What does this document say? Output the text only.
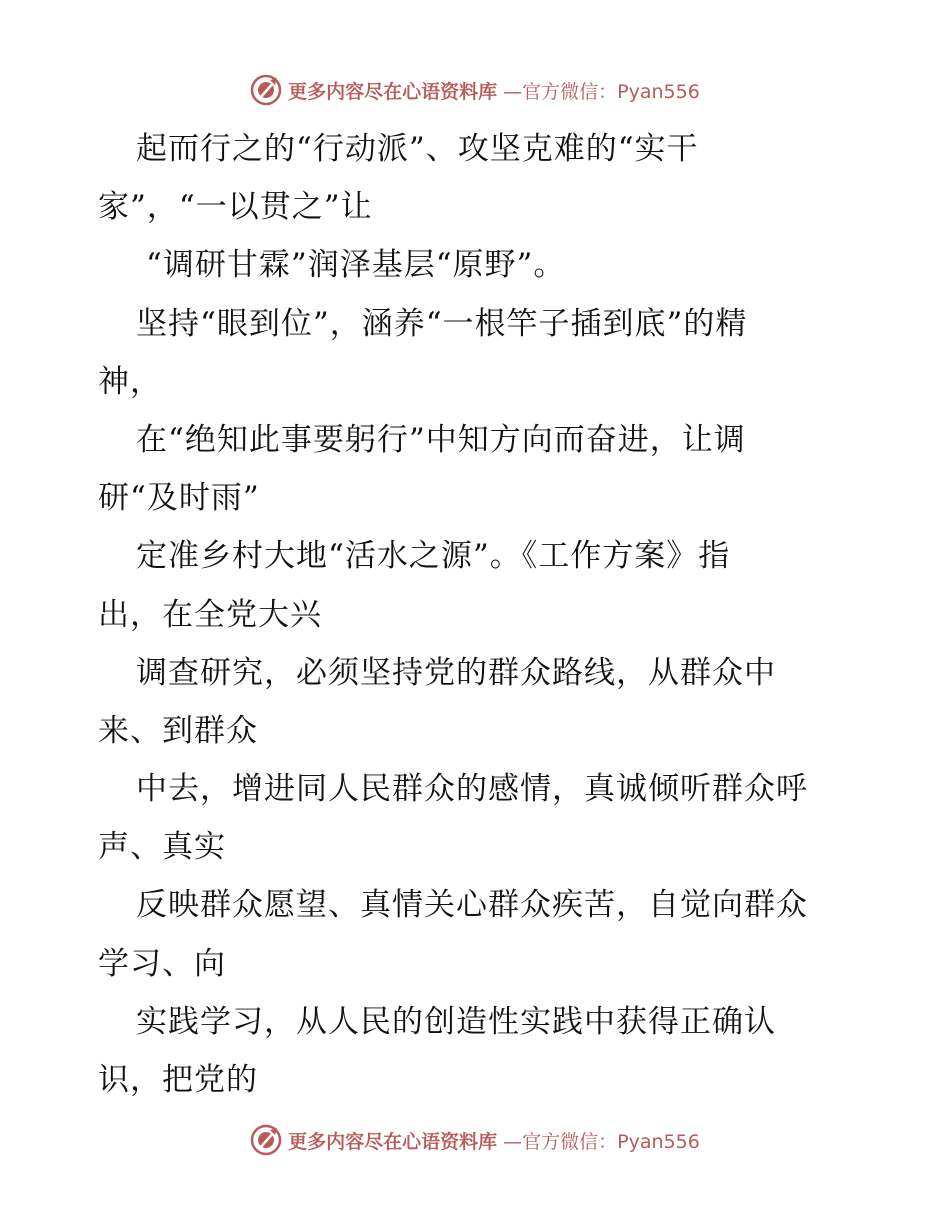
更多内容尽在心语资料库 —官方微信：Pyan556
起而行之的“行动派”、攻坚克难的“实干
家”，“一以贯之”让
“调研甘霖”润泽基层“原野”。
坚持“眼到位”，涵养“一根竿子插到底”的精
神，
在“绝知此事要躬行”中知方向而奋进，让调
研“及时雨”
定准乡村大地“活水之源”。《工作方案》指
出，在全党大兴
调查研究，必须坚持党的群众路线，从群众中
来、到群众
中去，增进同人民群众的感情，真诚倾听群众呼
声、真实
反映群众愿望、真情关心群众疾苦，自觉向群众
学习、向
实践学习，从人民的创造性实践中获得正确认
识，把党的
更多内容尽在心语资料库 —官方微信：Pyan556
